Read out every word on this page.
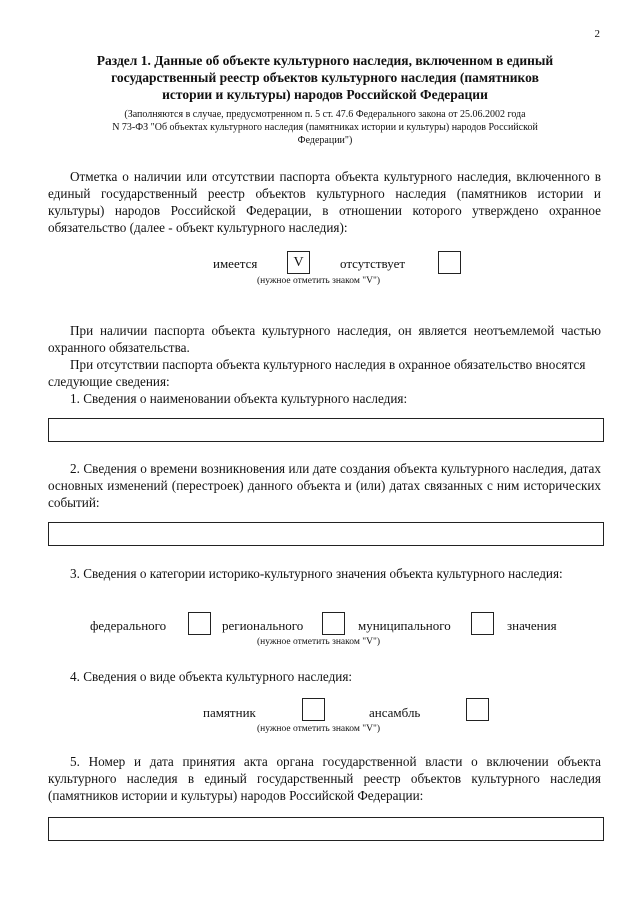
2
Раздел 1. Данные об объекте культурного наследия, включенном в единый
государственный реестр объектов культурного наследия (памятников
истории и культуры) народов Российской Федерации
(Заполняются в случае, предусмотренном п. 5 ст. 47.6 Федерального закона от 25.06.2002 года
N 73-ФЗ "Об объектах культурного наследия (памятниках истории и культуры) народов Российской
Федерации")
Отметка о наличии или отсутствии паспорта объекта культурного наследия, включенного в единый государственный реестр объектов культурного наследия (памятников истории и культуры) народов Российской Федерации, в отношении которого утверждено охранное обязательство (далее - объект культурного наследия):
имеется	V	отсутствует
(нужное отметить знаком "V")
При наличии паспорта объекта культурного наследия, он является неотъемлемой частью охранного обязательства.
При отсутствии паспорта объекта культурного наследия в охранное обязательство вносятся следующие сведения:
1. Сведения о наименовании объекта культурного наследия:
2. Сведения о времени возникновения или дате создания объекта культурного наследия, датах основных изменений (перестроек) данного объекта и (или) датах связанных с ним исторических событий:
3. Сведения о категории историко-культурного значения объекта культурного наследия:
федерального	регионального	муниципального	значения
(нужное отметить знаком "V")
4. Сведения о виде объекта культурного наследия:
памятник	ансамбль
(нужное отметить знаком "V")
5. Номер и дата принятия акта органа государственной власти о включении объекта культурного наследия в единый государственный реестр объектов культурного наследия (памятников истории и культуры) народов Российской Федерации:
